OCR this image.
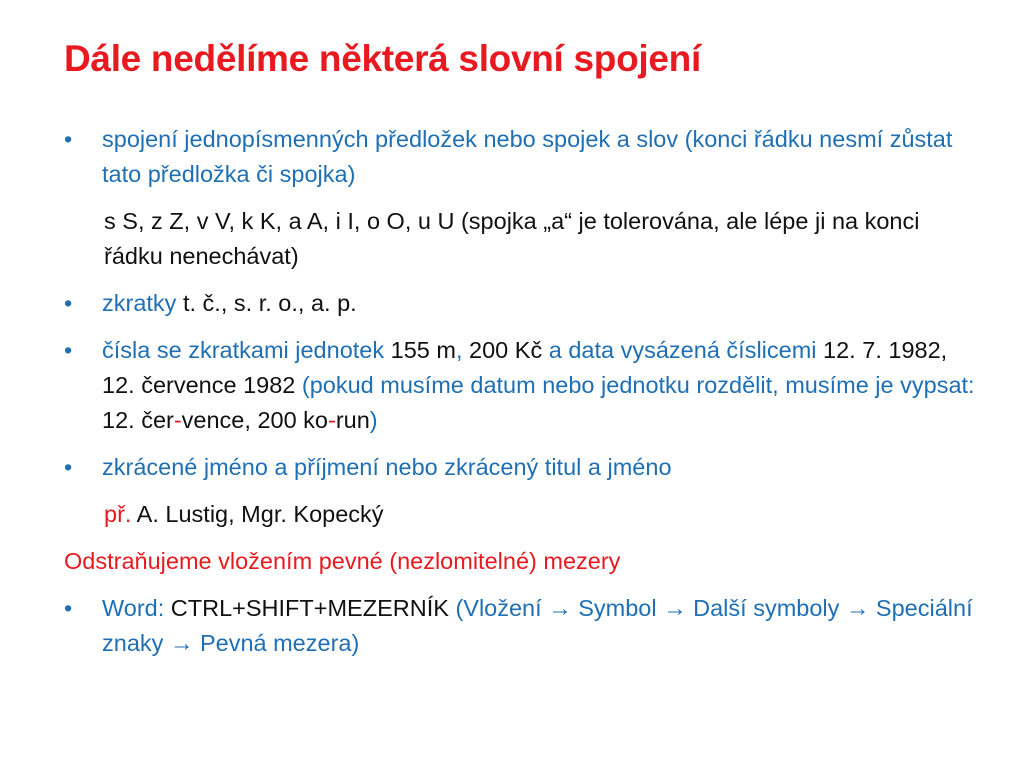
Dále nedělíme některá slovní spojení
• spojení jednopísmenných předložek nebo spojek a slov (konci řádku nesmí zůstat tato předložka či spojka)
s S, z Z, v V, k K, a A, i I, o O, u U (spojka „a“ je tolerována, ale lépe ji na konci řádku nenechávat)
• zkratky t. č., s. r. o., a. p.
• čísla se zkratkami jednotek 155 m, 200 Kč a data vysázená číslicemi 12. 7. 1982, 12. července 1982 (pokud musíme datum nebo jednotku rozdělit, musíme je vypsat: 12. čer-vence, 200 ko-run)
• zkrácené jméno a příjmení nebo zkrácený titul a jméno
př. A. Lustig, Mgr. Kopecký
Odstraňujeme vložením pevné (nezlomitelné) mezery
• Word: CTRL+SHIFT+MEZERNÍK (Vložení → Symbol → Další symboly → Speciální znaky → Pevná mezera)
